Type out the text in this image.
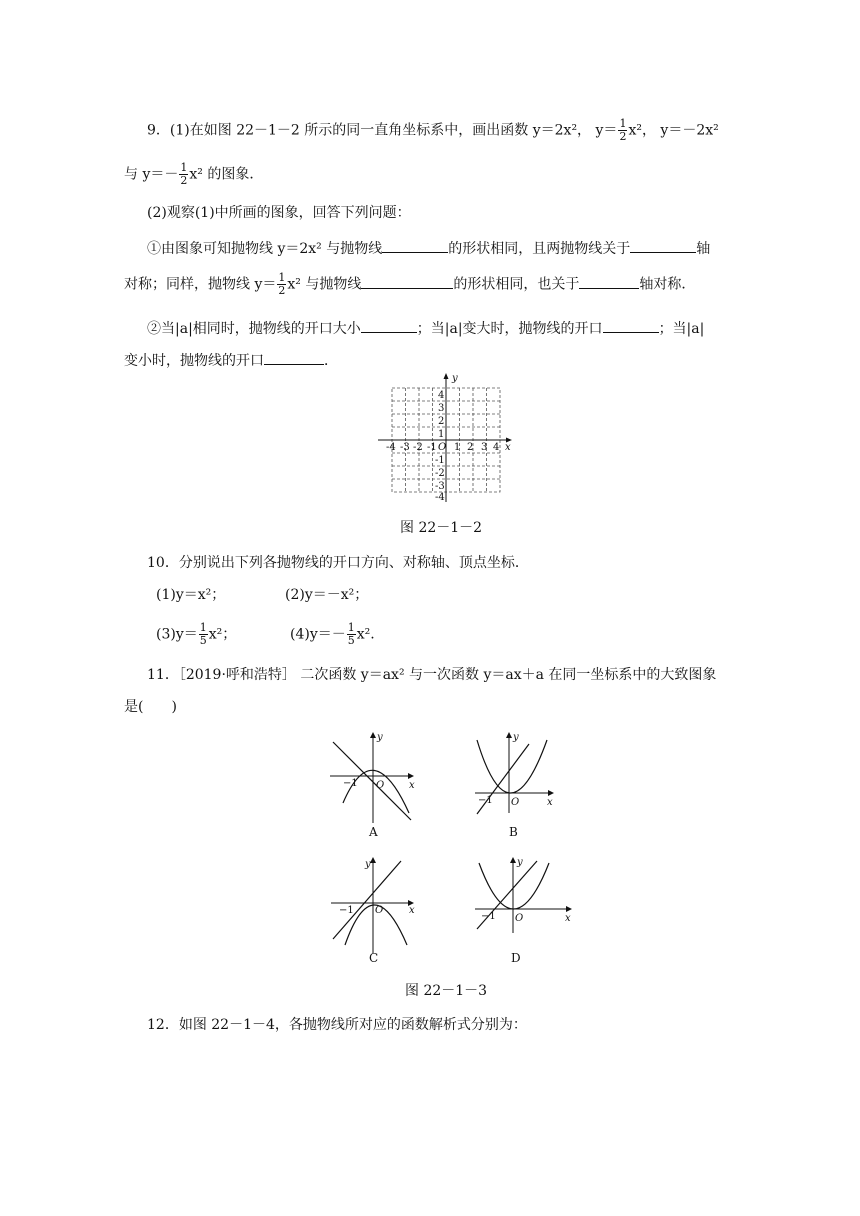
9．(1)在如图 22－1－2 所示的同一直角坐标系中，画出函数 y＝2x²， $y= \frac{1}{2} x^2$， y＝－2x²
与 $y=- \frac{1}{2} x^2$ 的图象．
(2)观察(1)中所画的图象，回答下列问题：
①由图象可知抛物线 y＝2x² 与抛物线	的形状相同，且两抛物线关于	轴
对称；同样，抛物线 $y= \frac{1}{2} x^2$ 与抛物线	的形状相同，也关于	轴对称．
②当|a|相同时，抛物线的开口大小	；当|a|变大时，抛物线的开口	；当|a|
变小时，抛物线的开口	．
y
x
O
-4 -3 -2 -1 1 2 3 4
4
3
2
1
-1
-2
-3
-4
图 22－1－2
10．分别说出下列各抛物线的开口方向、对称轴、顶点坐标．
(1)y＝x²；	(2)y＝－x²；
$(3)y= \frac{1}{5} x^2$；	$(4)y=- \frac{1}{5} x^2$.
11．［2019·呼和浩特］ 二次函数 y＝ax² 与一次函数 y＝ax＋a 在同一坐标系中的大致图象
是(　　)
y
x
O
−1
A
y
x
O
−1
B
y
x
O
−1
C
y
x
O
−1
D
图 22－1－3
12．如图 22－1－4，各抛物线所对应的函数解析式分别为：
